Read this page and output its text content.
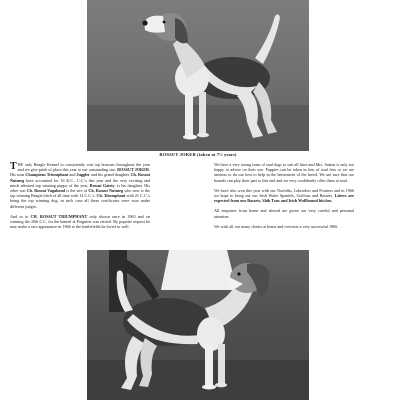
ROSSUT JOKER (taken at 7½ years)

THE only Beagle Kennel to consistently win top honours throughout the year and we give pride of place this year to our outstanding sire, ROSSUT JOKER. His sons Champions Triumphant and Juggler and his grand-daughter Ch. Rossut Nutmeg have accounted for 16 K.C., C.C.'s this year and the very exciting and much admired top winning puppy of the year, Rossut Gaiety, is his daughter. His other son Ch. Rossut Vagabond is the sire of Ch. Rossut Nutmeg who now is the top winning Beagle bitch of all time with 14 C.C.'s. Ch. Triumphant with 21 C.C.'s being the top winning dog, in each case all these certificates were won under different judges.

And so to CH. ROSSUT TRIUMPHANT only shown once in 1965 and on winning the 20th C.C. for the kennel at Paignton was retired. By popular request he may make a rare appearance in 1966 to the battlefields he loved so well.

We have a very strong team of stud dogs to suit all lines and Mrs. Sutton is only too happy to advise on their use. Puppies can be taken in lieu of stud fees or we are anxious to do our best to help in the betterment of the breed. We are sure that our hounds can play their part to this end and we very confidently offer them at stud.

We have also won this year with our Norfolks, Labradors and Pointers and in 1966 we hope to bring out our Irish Water Spaniels, Griffons and Bassets. Litters are expected from our Bassets, Shih Tzus and Irish Wolfhound bitches.

All enquiries from home and abroad are given our very careful and personal attention.

We wish all our many clients at home and overseas a very successful 1966.
